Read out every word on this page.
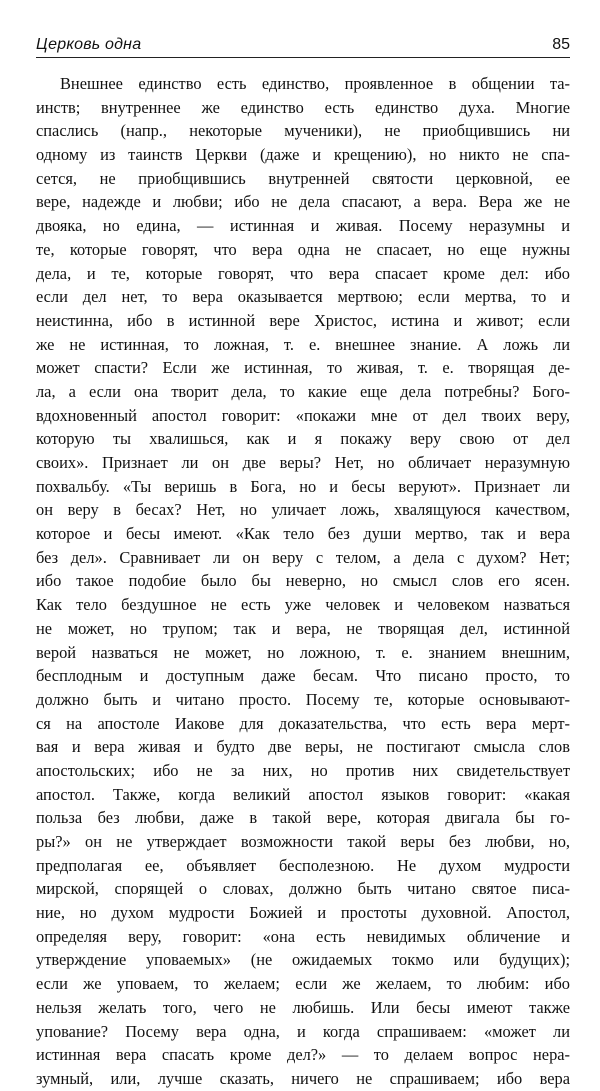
Церковь одна	85
Внешнее единство есть единство, проявленное в общении та-
инств; внутреннее же единство есть единство духа. Многие
спаслись (напр., некоторые мученики), не приобщившись ни
одному из таинств Церкви (даже и крещению), но никто не спа-
сется, не приобщившись внутренней святости церковной, ее
вере, надежде и любви; ибо не дела спасают, а вера. Вера же не
двояка, но едина, — истинная и живая. Посему неразумны и
те, которые говорят, что вера одна не спасает, но еще нужны
дела, и те, которые говорят, что вера спасает кроме дел: ибо
если дел нет, то вера оказывается мертвою; если мертва, то и
неистинна, ибо в истинной вере Христос, истина и живот; если
же не истинная, то ложная, т. е. внешнее знание. А ложь ли
может спасти? Если же истинная, то живая, т. е. творящая де-
ла, а если она творит дела, то какие еще дела потребны? Бого-
вдохновенный апостол говорит: «покажи мне от дел твоих веру,
которую ты хвалишься, как и я покажу веру свою от дел
своих». Признает ли он две веры? Нет, но обличает неразумную
похвальбу. «Ты веришь в Бога, но и бесы веруют». Признает ли
он веру в бесах? Нет, но уличает ложь, хвалящуюся качеством,
которое и бесы имеют. «Как тело без души мертво, так и вера
без дел». Сравнивает ли он веру с телом, а дела с духом? Нет;
ибо такое подобие было бы неверно, но смысл слов его ясен.
Как тело бездушное не есть уже человек и человеком назваться
не может, но трупом; так и вера, не творящая дел, истинной
верой назваться не может, но ложною, т. е. знанием внешним,
бесплодным и доступным даже бесам. Что писано просто, то
должно быть и читано просто. Посему те, которые основывают-
ся на апостоле Иакове для доказательства, что есть вера мерт-
вая и вера живая и будто две веры, не постигают смысла слов
апостольских; ибо не за них, но против них свидетельствует
апостол. Также, когда великий апостол языков говорит: «какая
польза без любви, даже в такой вере, которая двигала бы го-
ры?» он не утверждает возможности такой веры без любви, но,
предполагая ее, объявляет бесполезною. Не духом мудрости
мирской, спорящей о словах, должно быть читано святое писа-
ние, но духом мудрости Божией и простоты духовной. Апостол,
определяя веру, говорит: «она есть невидимых обличение и
утверждение уповаемых» (не ожидаемых токмо или будущих);
если же уповаем, то желаем; если же желаем, то любим: ибо
нельзя желать того, чего не любишь. Или бесы имеют также
упование? Посему вера одна, и когда спрашиваем: «может ли
истинная вера спасать кроме дел?» — то делаем вопрос нера-
зумный, или, лучше сказать, ничего не спрашиваем; ибо вера
